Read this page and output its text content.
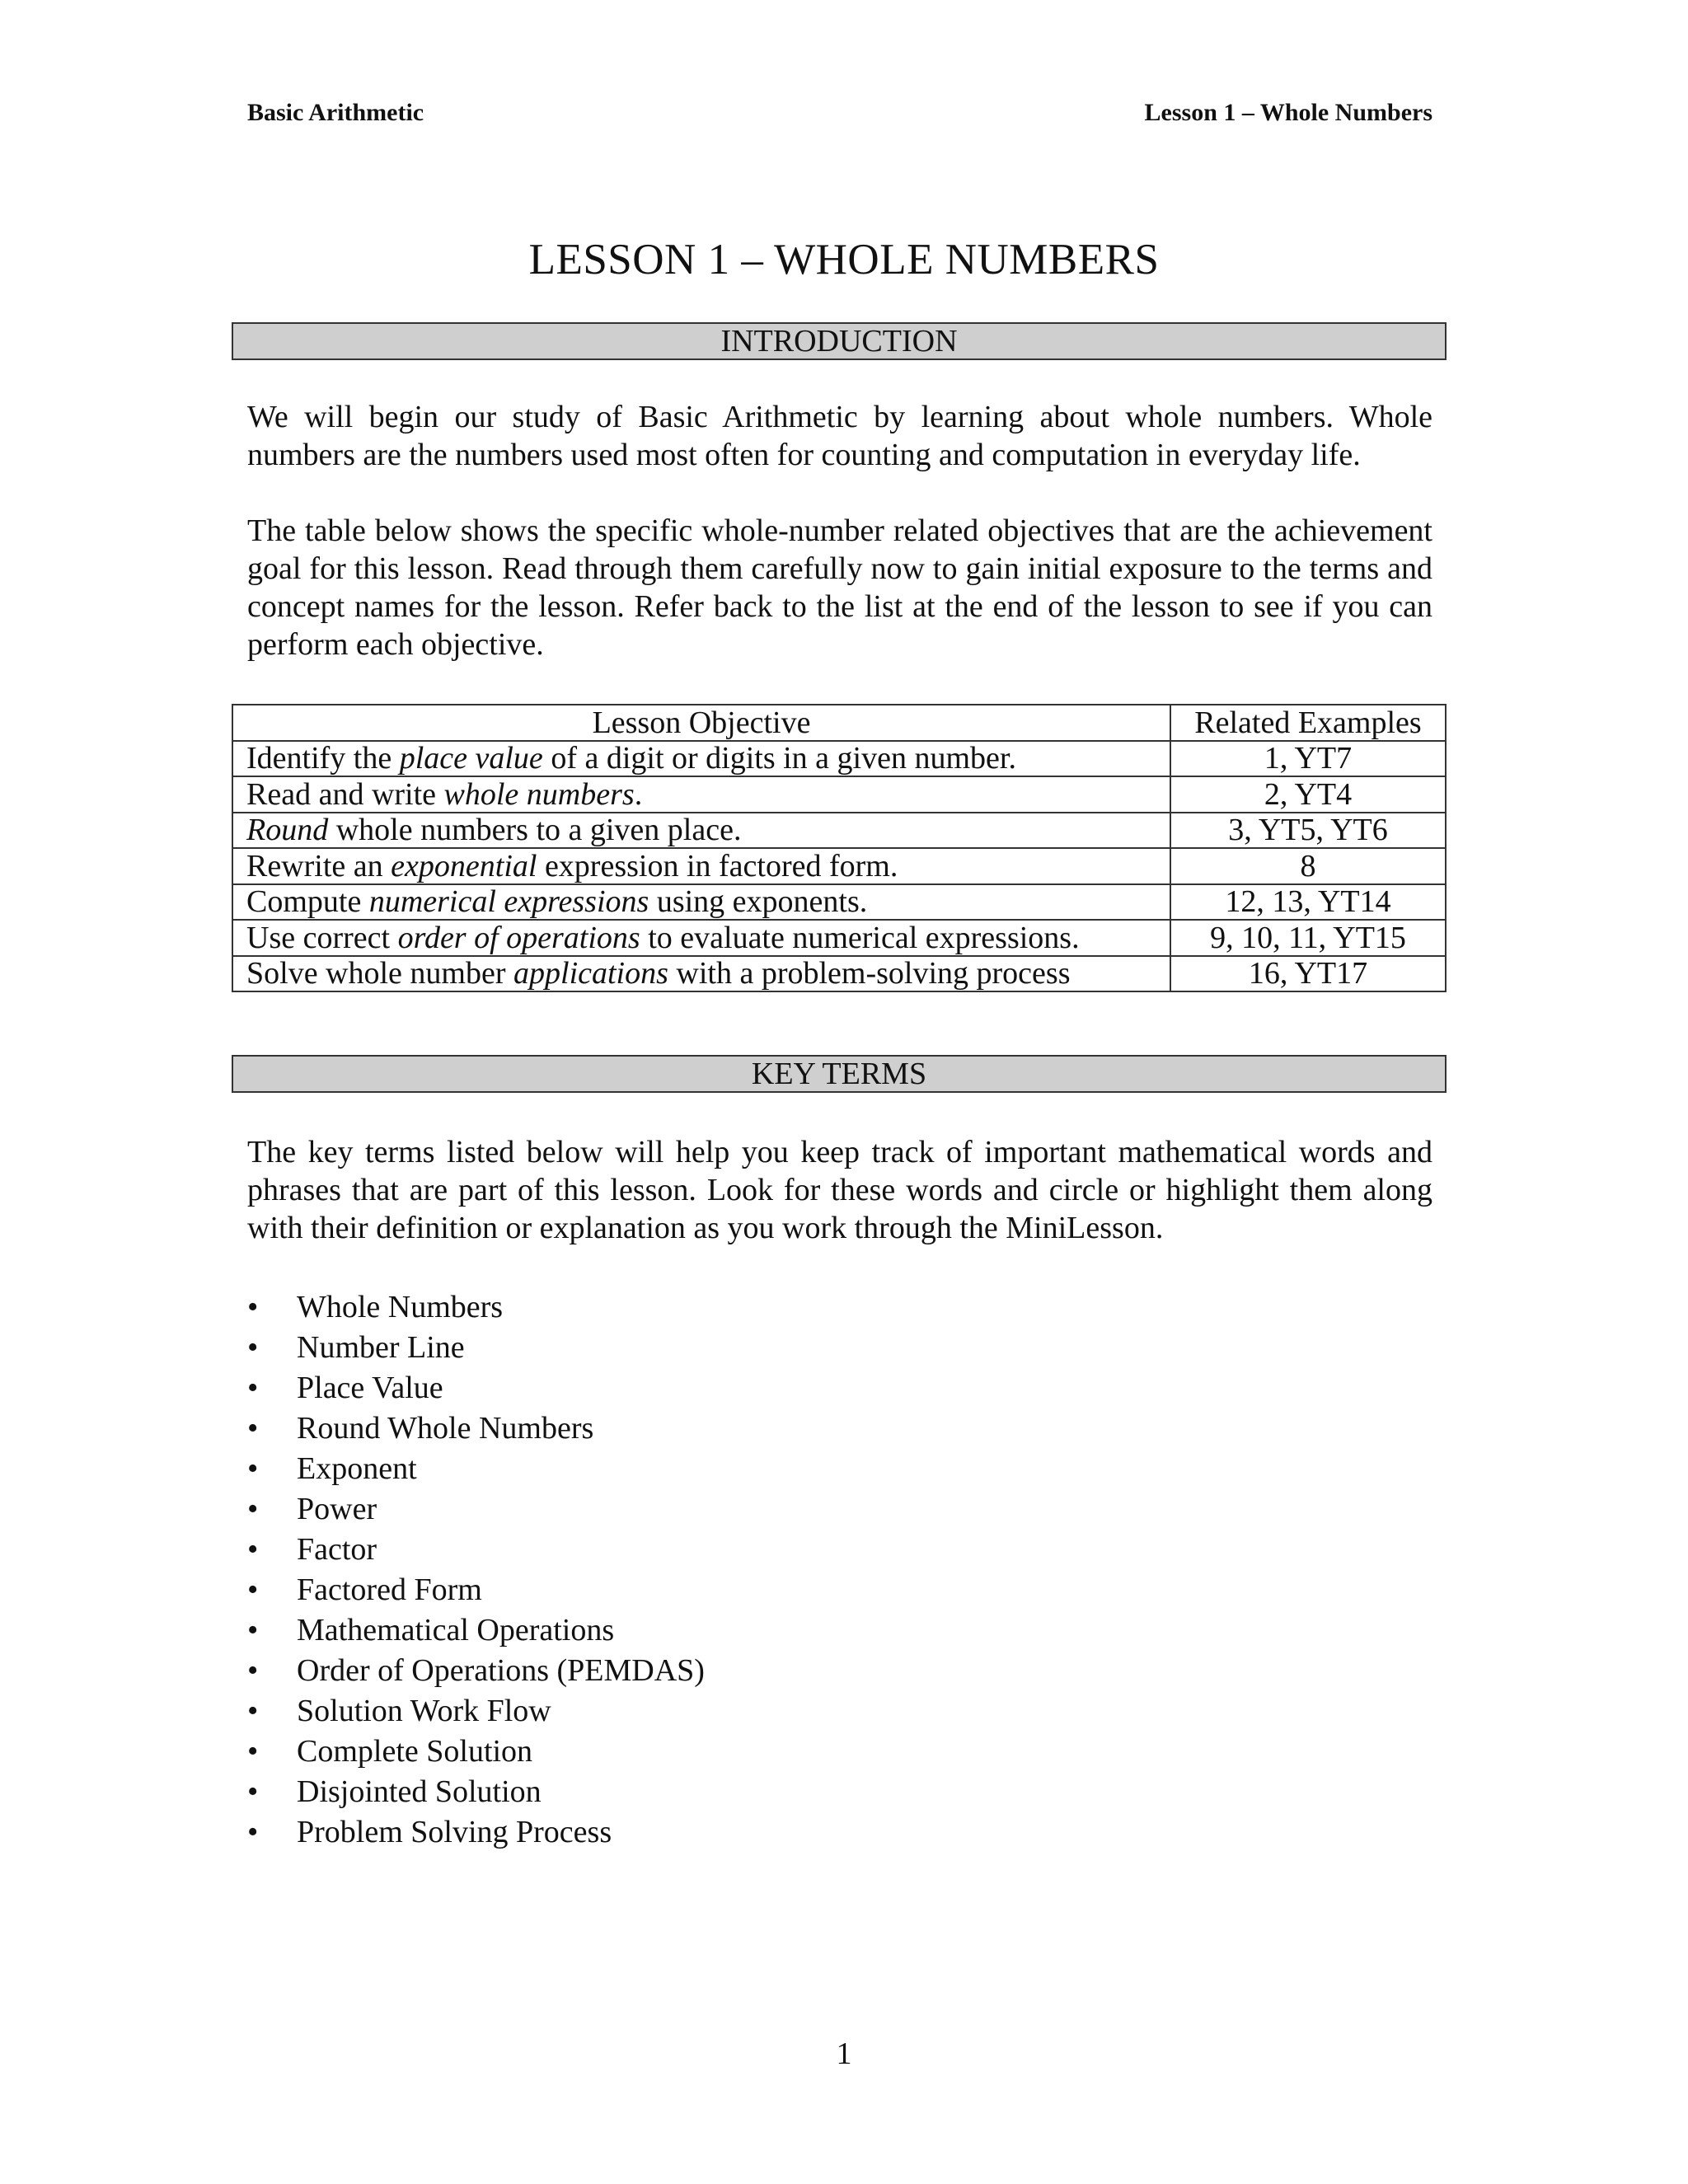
Basic Arithmetic	Lesson 1 – Whole Numbers
LESSON 1 – WHOLE NUMBERS
INTRODUCTION

We will begin our study of Basic Arithmetic by learning about whole numbers. Whole numbers are the numbers used most often for counting and computation in everyday life.

The table below shows the specific whole-number related objectives that are the achievement goal for this lesson. Read through them carefully now to gain initial exposure to the terms and concept names for the lesson. Refer back to the list at the end of the lesson to see if you can perform each objective.

Lesson Objective	Related Examples
Identify the place value of a digit or digits in a given number.	1, YT7
Read and write whole numbers.	2, YT4
Round whole numbers to a given place.	3, YT5, YT6
Rewrite an exponential expression in factored form.	8
Compute numerical expressions using exponents.	12, 13, YT14
Use correct order of operations to evaluate numerical expressions.	9, 10, 11, YT15
Solve whole number applications with a problem-solving process	16, YT17
KEY TERMS

The key terms listed below will help you keep track of important mathematical words and phrases that are part of this lesson. Look for these words and circle or highlight them along with their definition or explanation as you work through the MiniLesson.

•	Whole Numbers
•	Number Line
•	Place Value
•	Round Whole Numbers
•	Exponent
•	Power
•	Factor
•	Factored Form
•	Mathematical Operations
•	Order of Operations (PEMDAS)
•	Solution Work Flow
•	Complete Solution
•	Disjointed Solution
•	Problem Solving Process
1
